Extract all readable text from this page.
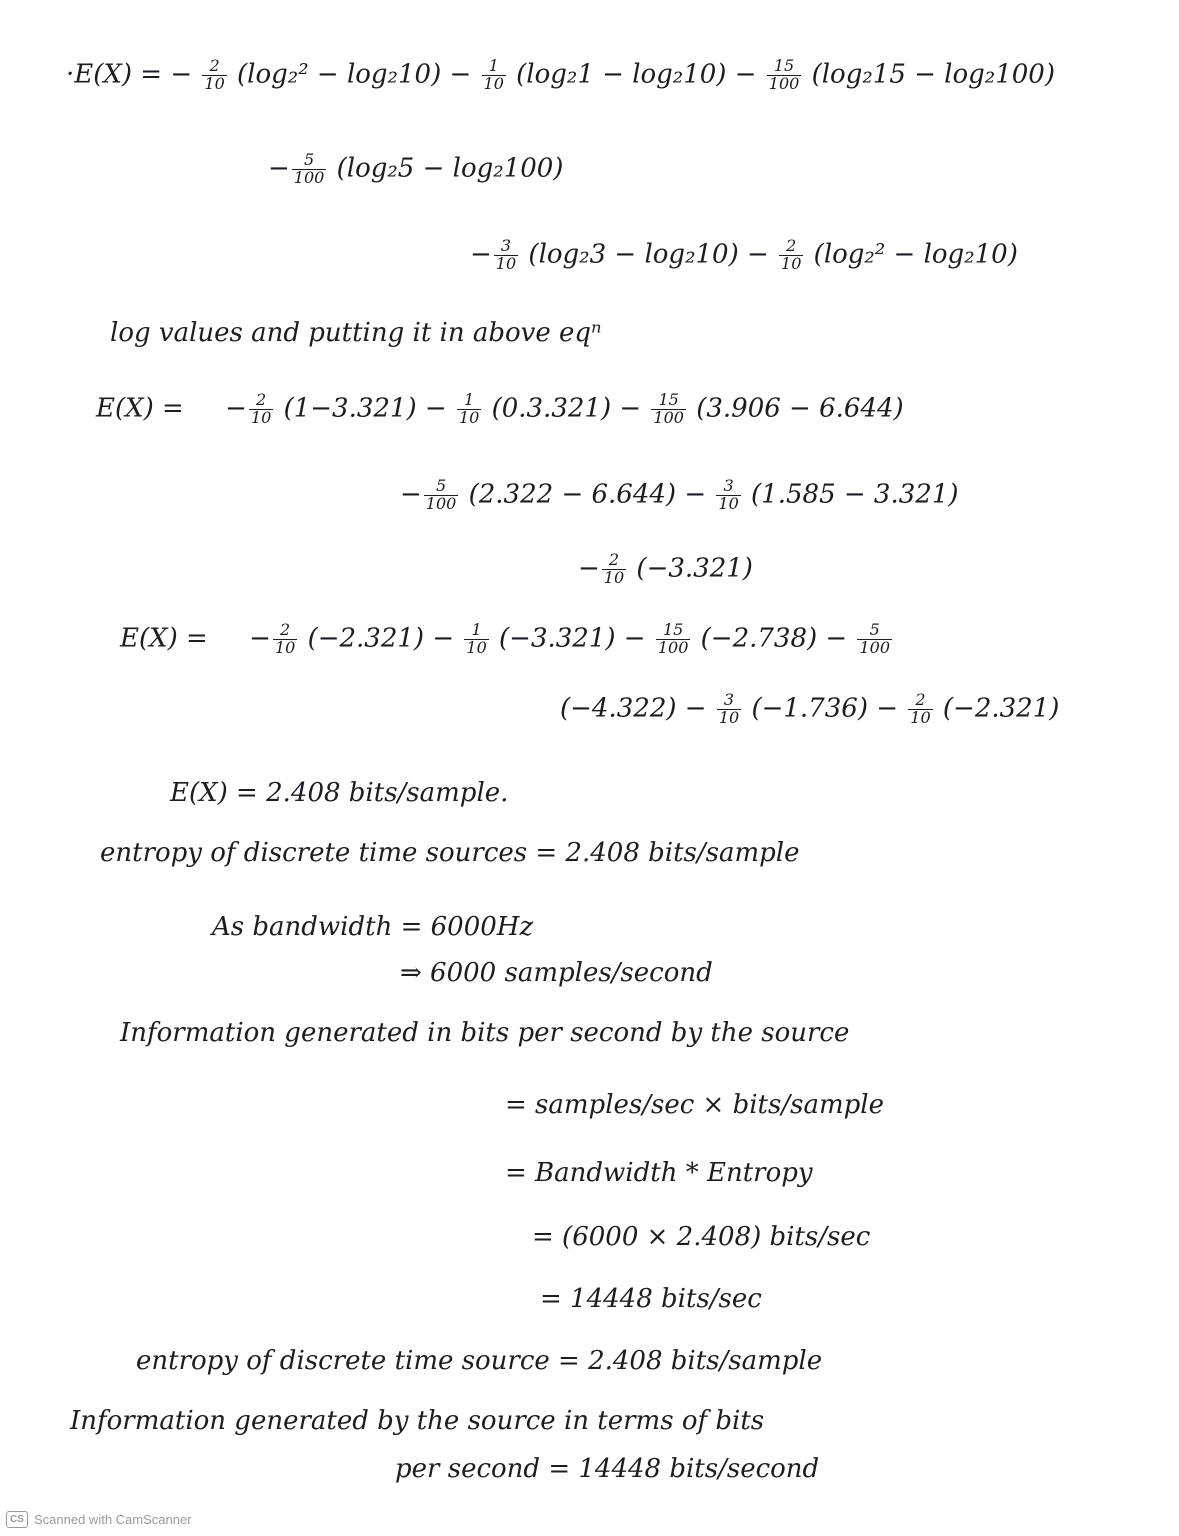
·E(X) = − $\frac{2}{10} (\log_2^2 - \log_210) - \frac{1}{10} (\log_21 - \log_210) - \frac{15}{100} (\log_215 - \log_2100)$
− $\frac{5}{100} (\log_25 - \log_2100)$
− $\frac{3}{10} (\log_23 - \log_210) - \frac{2}{10} (\log_2^2 - \log_210)$
log values and putting it in above eqⁿ
E(X) =     − $\frac{2}{10} (1-3.321) - \frac{1}{10} (0.3.321) - \frac{15}{100} (3.906 - 6.644)$
− $\frac{5}{100} (2.322 - 6.644) - \frac{3}{10} (1.585 - 3.321)$
− $\frac{2}{10} (-3.321)$
E(X) =     − $\frac{2}{10} (-2.321) - \frac{1}{10} (-3.321) - \frac{15}{100} (-2.738) - \frac{5}{100}$
$(-4.322) - \frac{3}{10} (-1.736) - \frac{2}{10} (-2.321)$
E(X) = 2.408 bits/sample.
entropy of discrete time sources = 2.408 bits/sample
As bandwidth = 6000Hz
⇒ 6000 samples/second
Information generated in bits per second by the source
= samples/sec × bits/sample
= Bandwidth * Entropy
= (6000 × 2.408) bits/sec
= 14448 bits/sec
entropy of discrete time source = 2.408 bits/sample
Information generated by the source in terms of bits
per second = 14448 bits/second
CS Scanned with CamScanner
